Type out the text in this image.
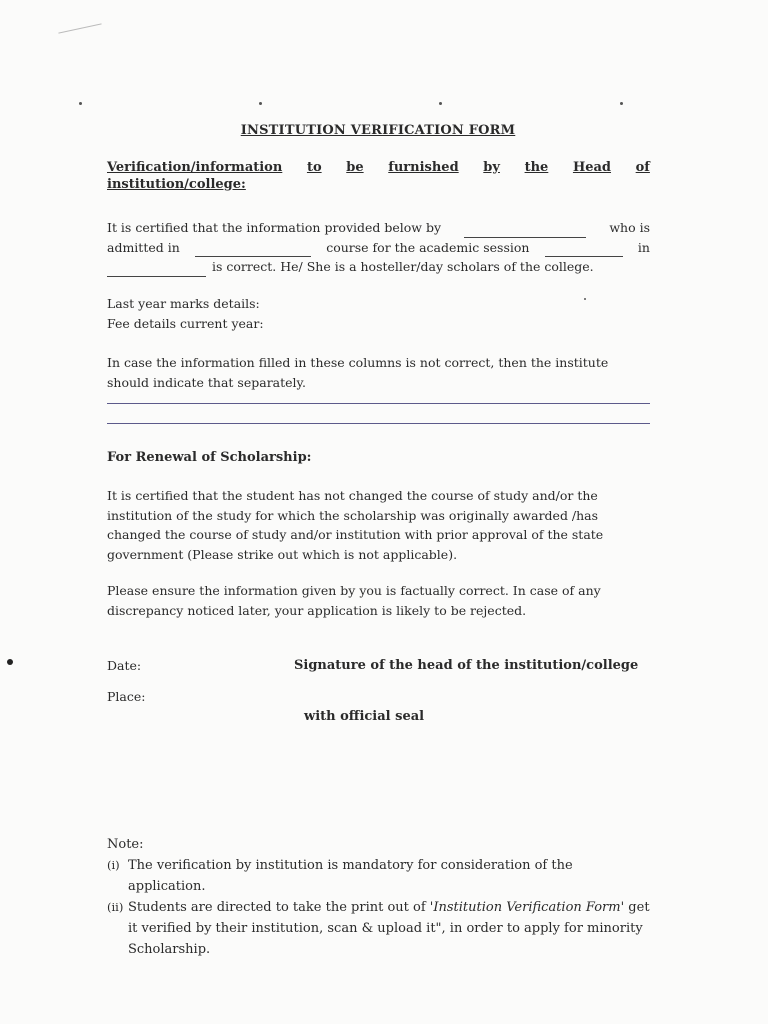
INSTITUTION VERIFICATION FORM
Verification/information to be furnished by the Head of
institution/college:
It is certified that the information provided below by	who is
admitted in	course for the academic session	in
is correct. He/ She is a hosteller/day scholars of the college.
Last year marks details:
Fee details current year:
In case the information filled in these columns is not correct, then the institute should indicate that separately.
For Renewal of Scholarship:
It is certified that the student has not changed the course of study and/or the institution of the study for which the scholarship was originally awarded /has changed the course of study and/or institution with prior approval of the state government (Please strike out which is not applicable).
Please ensure the information given by you is factually correct. In case of any discrepancy noticed later, your application is likely to be rejected.
Date:	Signature of the head of the institution/college
Place:
with official seal
Note:
(i) The verification by institution is mandatory for consideration of the application.
(ii) Students are directed to take the print out of 'Institution Verification Form' get it verified by their institution, scan & upload it", in order to apply for minority Scholarship.
